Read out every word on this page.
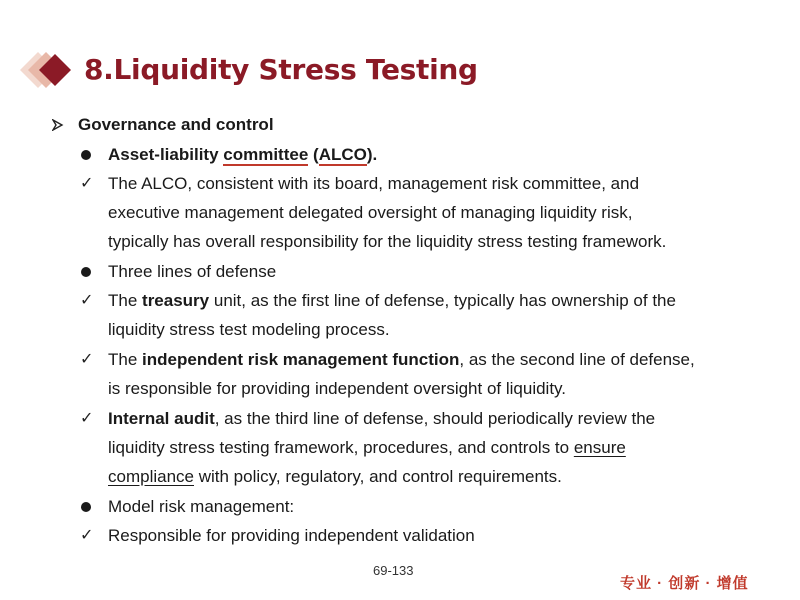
8.Liquidity Stress Testing
Governance and control
Asset-liability committee (ALCO).
✓ The ALCO, consistent with its board, management risk committee, and
executive management delegated oversight of managing liquidity risk,
typically has overall responsibility for the liquidity stress testing framework.
Three lines of defense
✓ The treasury unit, as the first line of defense, typically has ownership of the
liquidity stress test modeling process.
✓ The independent risk management function, as the second line of defense,
is responsible for providing independent oversight of liquidity.
✓ Internal audit, as the third line of defense, should periodically review the
liquidity stress testing framework, procedures, and controls to ensure
compliance with policy, regulatory, and control requirements.
Model risk management:
✓ Responsible for providing independent validation
69-133
专业 · 创新 · 增值
